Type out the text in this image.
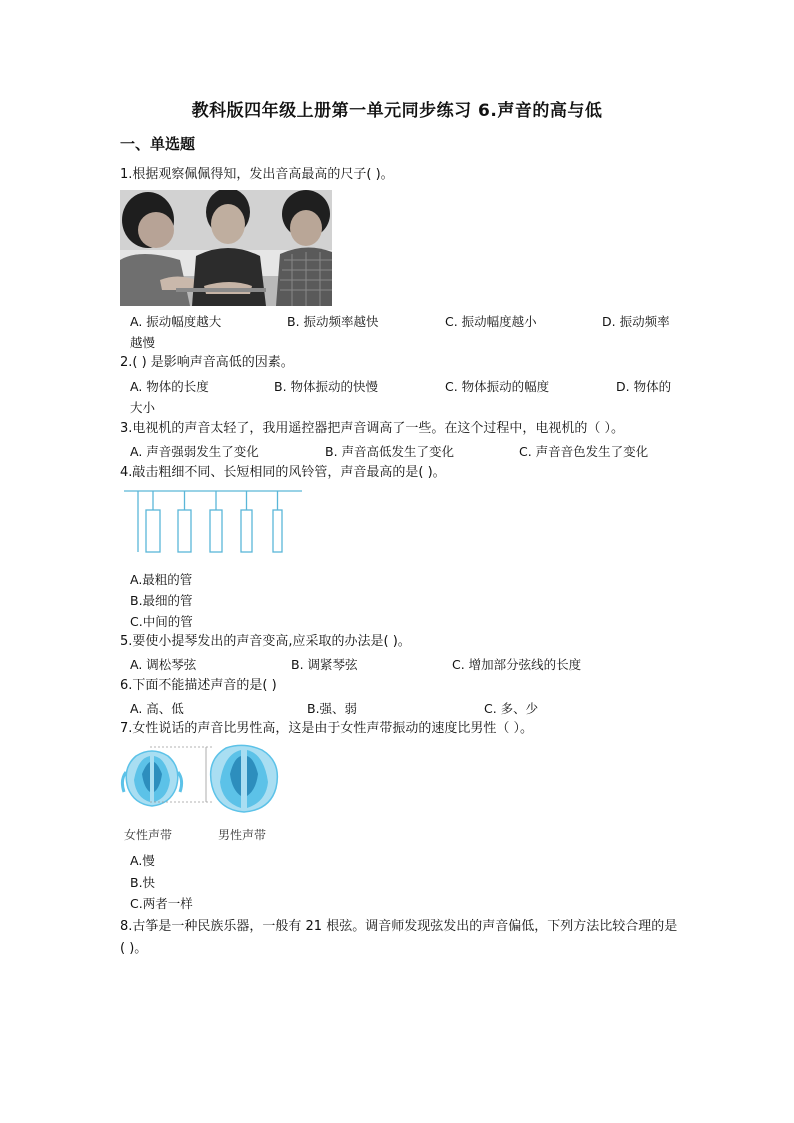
教科版四年级上册第一单元同步练习 6.声音的高与低
一、单选题
1.根据观察佩佩得知，发出音高最高的尺子( )。
A. 振动幅度越大	B. 振动频率越快	C. 振动幅度越小	D. 振动频率
越慢
2.( ) 是影响声音高低的因素。
A. 物体的长度	B. 物体振动的快慢	C. 物体振动的幅度	D. 物体的
大小
3.电视机的声音太轻了，我用遥控器把声音调高了一些。在这个过程中，电视机的（ ）。
A. 声音强弱发生了变化	B. 声音高低发生了变化	C. 声音音色发生了变化
4.敲击粗细不同、长短相同的风铃管，声音最高的是( )。
A.最粗的管
B.最细的管
C.中间的管
5.要使小提琴发出的声音变高,应采取的办法是( )。
A. 调松琴弦	B. 调紧琴弦	C. 增加部分弦线的长度
6.下面不能描述声音的是( )
A. 高、低	B.强、弱	C. 多、少
7.女性说话的声音比男性高，这是由于女性声带振动的速度比男性（ ）。
女性声带	男性声带
A.慢
B.快
C.两者一样
8.古筝是一种民族乐器，一般有 21 根弦。调音师发现弦发出的声音偏低，下列方法比较合理的是( )。
